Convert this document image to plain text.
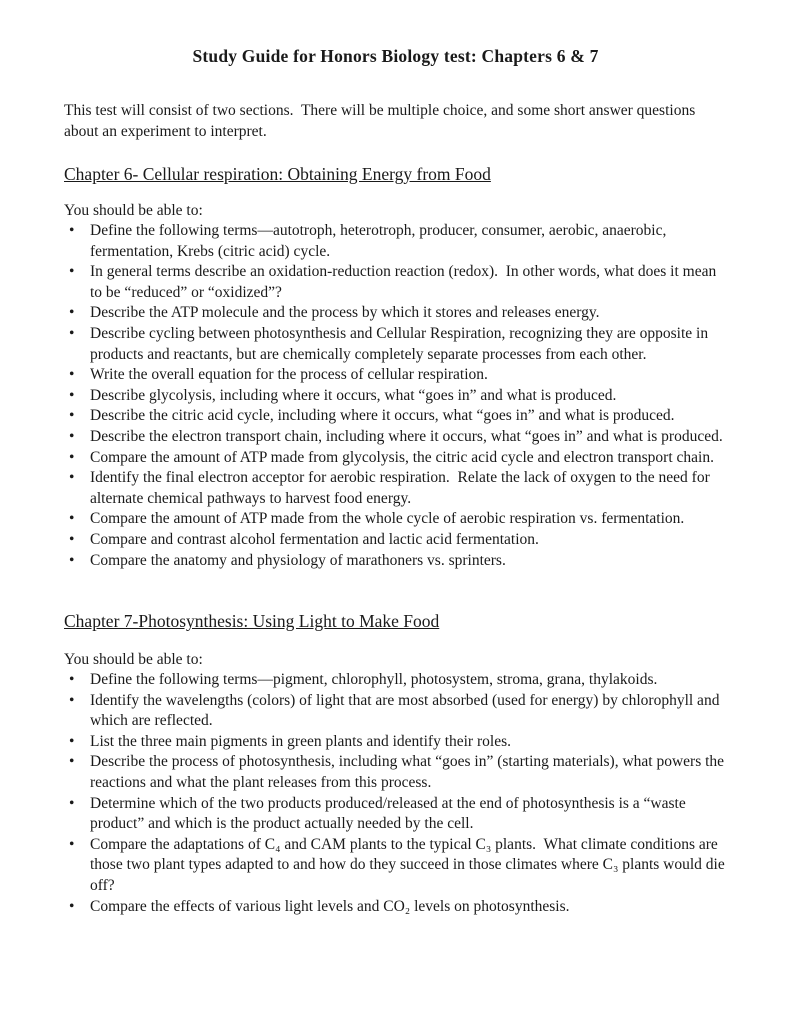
Study Guide for Honors Biology test: Chapters 6 & 7

This test will consist of two sections.  There will be multiple choice, and some short answer questions about an experiment to interpret.

Chapter 6- Cellular respiration: Obtaining Energy from Food

You should be able to:

• Define the following terms—autotroph, heterotroph, producer, consumer, aerobic, anaerobic, fermentation, Krebs (citric acid) cycle.
• In general terms describe an oxidation-reduction reaction (redox).  In other words, what does it mean to be “reduced” or “oxidized”?
• Describe the ATP molecule and the process by which it stores and releases energy.
• Describe cycling between photosynthesis and Cellular Respiration, recognizing they are opposite in products and reactants, but are chemically completely separate processes from each other.
• Write the overall equation for the process of cellular respiration.
• Describe glycolysis, including where it occurs, what “goes in” and what is produced.
• Describe the citric acid cycle, including where it occurs, what “goes in” and what is produced.
• Describe the electron transport chain, including where it occurs, what “goes in” and what is produced.
• Compare the amount of ATP made from glycolysis, the citric acid cycle and electron transport chain.
• Identify the final electron acceptor for aerobic respiration.  Relate the lack of oxygen to the need for alternate chemical pathways to harvest food energy.
• Compare the amount of ATP made from the whole cycle of aerobic respiration vs. fermentation.
• Compare and contrast alcohol fermentation and lactic acid fermentation.
• Compare the anatomy and physiology of marathoners vs. sprinters.
Chapter 7-Photosynthesis: Using Light to Make Food

You should be able to:

• Define the following terms—pigment, chlorophyll, photosystem, stroma, grana, thylakoids.
• Identify the wavelengths (colors) of light that are most absorbed (used for energy) by chlorophyll and which are reflected.
• List the three main pigments in green plants and identify their roles.
• Describe the process of photosynthesis, including what “goes in” (starting materials), what powers the reactions and what the plant releases from this process.
• Determine which of the two products produced/released at the end of photosynthesis is a “waste product” and which is the product actually needed by the cell.
• Compare the adaptations of C₄ and CAM plants to the typical C₃ plants.  What climate conditions are those two plant types adapted to and how do they succeed in those climates where C₃ plants would die off?
• Compare the effects of various light levels and CO₂ levels on photosynthesis.
